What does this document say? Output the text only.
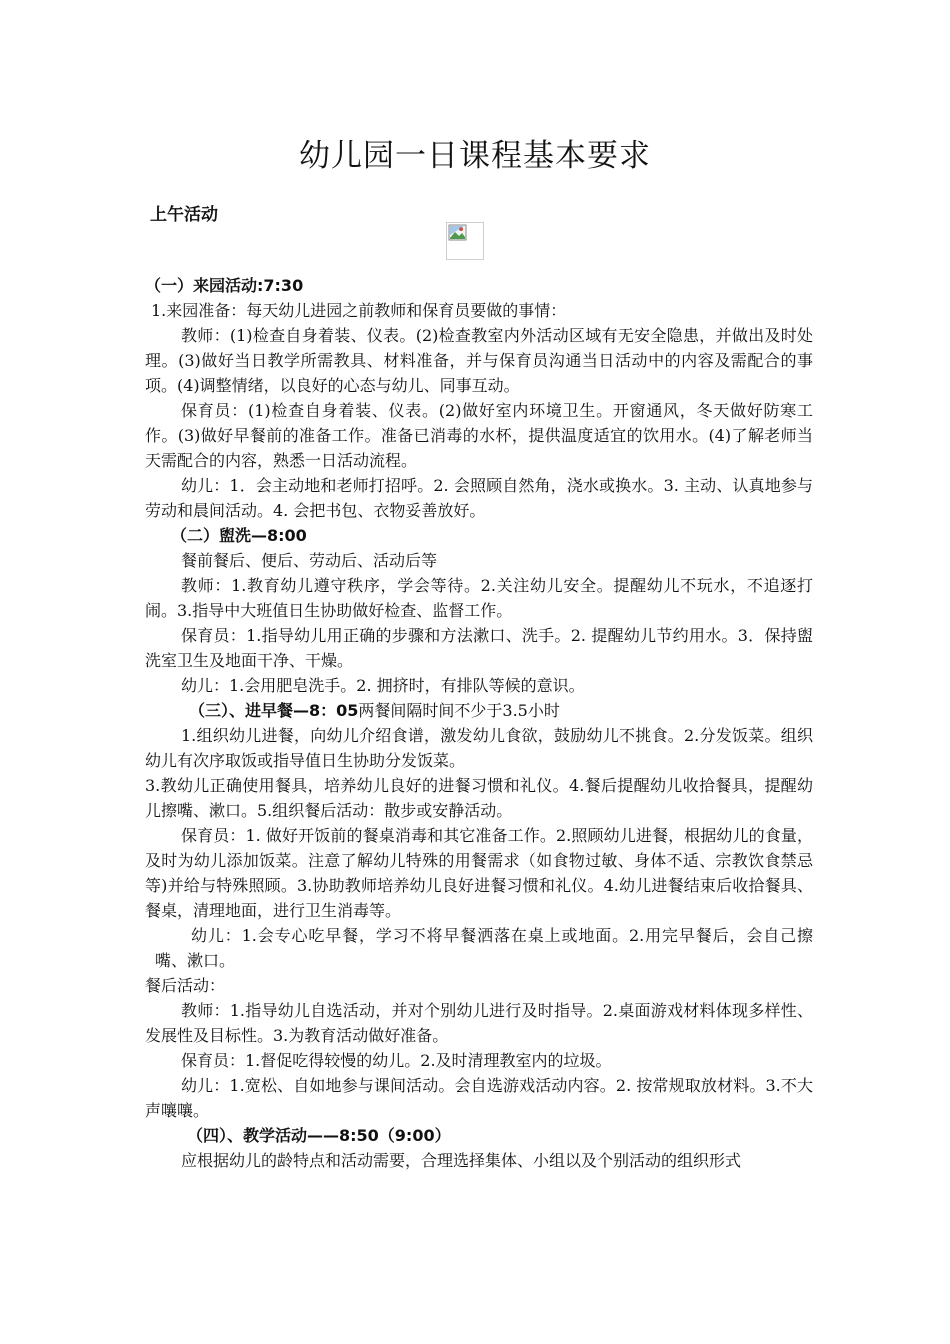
幼儿园一日课程基本要求
上午活动

（一）来园活动:7:30

1.来园准备：每天幼儿进园之前教师和保育员要做的事情：

教师：(1)检查自身着装、仪表。(2)检查教室内外活动区域有无安全隐患，并做出及时处理。(3)做好当日教学所需教具、材料准备，并与保育员沟通当日活动中的内容及需配合的事项。(4)调整情绪，以良好的心态与幼儿、同事互动。

保育员：(1)检查自身着装、仪表。(2)做好室内环境卫生。开窗通风，冬天做好防寒工作。(3)做好早餐前的准备工作。准备已消毒的水杯，提供温度适宜的饮用水。(4)了解老师当天需配合的内容，熟悉一日活动流程。

幼儿：1．会主动地和老师打招呼。2. 会照顾自然角，浇水或换水。3. 主动、认真地参与劳动和晨间活动。4. 会把书包、衣物妥善放好。

（二）盥洗—8:00

餐前餐后、便后、劳动后、活动后等

教师：1.教育幼儿遵守秩序，学会等待。2.关注幼儿安全。提醒幼儿不玩水，不追逐打闹。3.指导中大班值日生协助做好检查、监督工作。

保育员：1.指导幼儿用正确的步骤和方法漱口、洗手。2. 提醒幼儿节约用水。3．保持盥洗室卫生及地面干净、干燥。

幼儿：1.会用肥皂洗手。2. 拥挤时，有排队等候的意识。

（三）、进早餐—8：05两餐间隔时间不少于3.5小时

1.组织幼儿进餐，向幼儿介绍食谱，激发幼儿食欲，鼓励幼儿不挑食。2.分发饭菜。组织幼儿有次序取饭或指导值日生协助分发饭菜。

3.教幼儿正确使用餐具，培养幼儿良好的进餐习惯和礼仪。4.餐后提醒幼儿收拾餐具，提醒幼儿擦嘴、漱口。5.组织餐后活动：散步或安静活动。

保育员：1. 做好开饭前的餐桌消毒和其它准备工作。2.照顾幼儿进餐，根据幼儿的食量，及时为幼儿添加饭菜。注意了解幼儿特殊的用餐需求（如食物过敏、身体不适、宗教饮食禁忌等)并给与特殊照顾。3.协助教师培养幼儿良好进餐习惯和礼仪。4.幼儿进餐结束后收拾餐具、餐桌，清理地面，进行卫生消毒等。

幼儿：1.会专心吃早餐，学习不将早餐洒落在桌上或地面。2.用完早餐后，会自己擦嘴、漱口。

餐后活动：

教师：1.指导幼儿自选活动，并对个别幼儿进行及时指导。2.桌面游戏材料体现多样性、发展性及目标性。3.为教育活动做好准备。

保育员：1.督促吃得较慢的幼儿。2.及时清理教室内的垃圾。

幼儿：1.宽松、自如地参与课间活动。会自选游戏活动内容。2. 按常规取放材料。3.不大声嚷嚷。

（四）、教学活动——8:50（9:00）

应根据幼儿的龄特点和活动需要，合理选择集体、小组以及个别活动的组织形式
